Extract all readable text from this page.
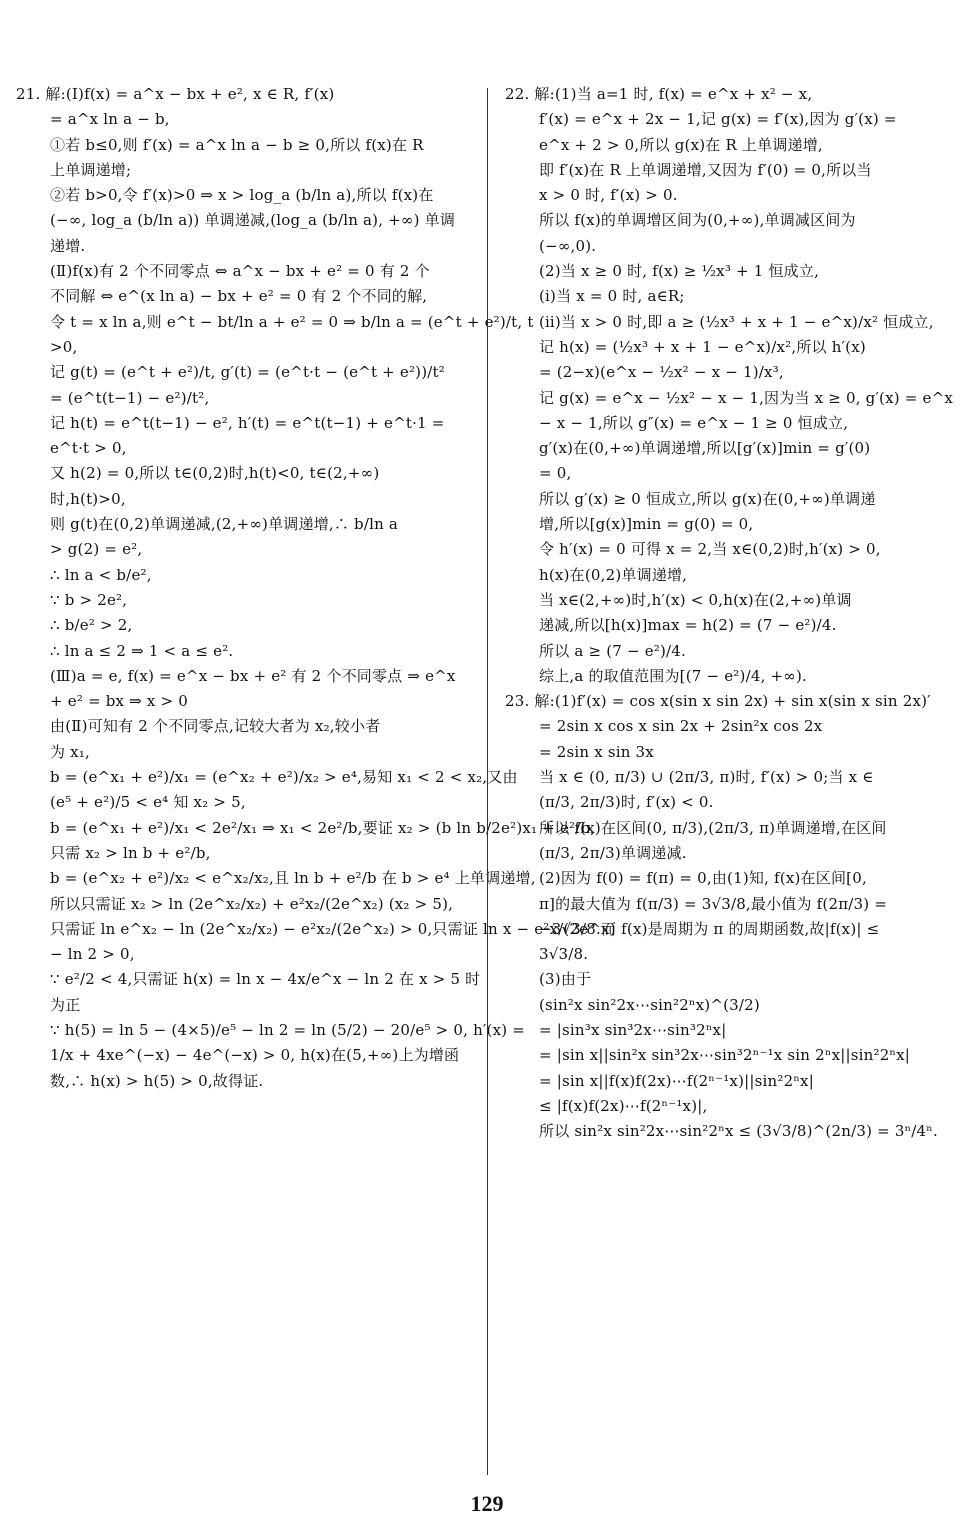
21. 解:(Ⅰ)f(x) = a^x − bx + e², x ∈ R, f′(x)
= a^x ln a − b,
①若 b≤0,则 f′(x) = a^x ln a − b ≥ 0,所以 f(x)在 R
上单调递增;
②若 b>0,令 f′(x)>0 ⇒ x > log_a (b/ln a),所以 f(x)在
(−∞, log_a (b/ln a)) 单调递减,(log_a (b/ln a), +∞) 单调
递增.
(Ⅱ)f(x)有 2 个不同零点 ⇔ a^x − bx + e² = 0 有 2 个
不同解 ⇔ e^(x ln a) − bx + e² = 0 有 2 个不同的解,
令 t = x ln a,则 e^t − bt/ln a + e² = 0 ⇒ b/ln a = (e^t + e²)/t, t
>0,
记 g(t) = (e^t + e²)/t, g′(t) = (e^t·t − (e^t + e²))/t²
= (e^t(t−1) − e²)/t²,
记 h(t) = e^t(t−1) − e², h′(t) = e^t(t−1) + e^t·1 =
e^t·t > 0,
又 h(2) = 0,所以 t∈(0,2)时,h(t)<0, t∈(2,+∞)
时,h(t)>0,
则 g(t)在(0,2)单调递减,(2,+∞)单调递增,∴ b/ln a
> g(2) = e²,
∴ ln a < b/e²,
∵ b > 2e²,
∴ b/e² > 2,
∴ ln a ≤ 2 ⇒ 1 < a ≤ e².
(Ⅲ)a = e, f(x) = e^x − bx + e² 有 2 个不同零点 ⇒ e^x
+ e² = bx ⇒ x > 0
由(Ⅱ)可知有 2 个不同零点,记较大者为 x₂,较小者
为 x₁,
b = (e^x₁ + e²)/x₁ = (e^x₂ + e²)/x₂ > e⁴,易知 x₁ < 2 < x₂,又由
(e⁵ + e²)/5 < e⁴ 知 x₂ > 5,
b = (e^x₁ + e²)/x₁ < 2e²/x₁ ⇒ x₁ < 2e²/b,要证 x₂ > (b ln b/2e²)x₁ + e²/b,
只需 x₂ > ln b + e²/b,
b = (e^x₂ + e²)/x₂ < e^x₂/x₂,且 ln b + e²/b 在 b > e⁴ 上单调递增,
所以只需证 x₂ > ln (2e^x₂/x₂) + e²x₂/(2e^x₂) (x₂ > 5),
只需证 ln e^x₂ − ln (2e^x₂/x₂) − e²x₂/(2e^x₂) > 0,只需证 ln x − e²x/(2e^x)
− ln 2 > 0,
∵ e²/2 < 4,只需证 h(x) = ln x − 4x/e^x − ln 2 在 x > 5 时
为正
∵ h(5) = ln 5 − (4×5)/e⁵ − ln 2 = ln (5/2) − 20/e⁵ > 0, h′(x) =
1/x + 4xe^(−x) − 4e^(−x) > 0, h(x)在(5,+∞)上为增函
数,∴ h(x) > h(5) > 0,故得证.
22. 解:(1)当 a=1 时, f(x) = e^x + x² − x,
f′(x) = e^x + 2x − 1,记 g(x) = f′(x),因为 g′(x) =
e^x + 2 > 0,所以 g(x)在 R 上单调递增,
即 f′(x)在 R 上单调递增,又因为 f′(0) = 0,所以当
x > 0 时, f′(x) > 0.
所以 f(x)的单调增区间为(0,+∞),单调减区间为
(−∞,0).
(2)当 x ≥ 0 时, f(x) ≥ ½x³ + 1 恒成立,
(ⅰ)当 x = 0 时, a∈R;
(ⅱ)当 x > 0 时,即 a ≥ (½x³ + x + 1 − e^x)/x² 恒成立,
记 h(x) = (½x³ + x + 1 − e^x)/x²,所以 h′(x)
= (2−x)(e^x − ½x² − x − 1)/x³,
记 g(x) = e^x − ½x² − x − 1,因为当 x ≥ 0, g′(x) = e^x
− x − 1,所以 g″(x) = e^x − 1 ≥ 0 恒成立,
g′(x)在(0,+∞)单调递增,所以[g′(x)]min = g′(0)
= 0,
所以 g′(x) ≥ 0 恒成立,所以 g(x)在(0,+∞)单调递
增,所以[g(x)]min = g(0) = 0,
令 h′(x) = 0 可得 x = 2,当 x∈(0,2)时,h′(x) > 0,
h(x)在(0,2)单调递增,
当 x∈(2,+∞)时,h′(x) < 0,h(x)在(2,+∞)单调
递减,所以[h(x)]max = h(2) = (7 − e²)/4.
所以 a ≥ (7 − e²)/4.
综上,a 的取值范围为[(7 − e²)/4, +∞).
23. 解:(1)f′(x) = cos x(sin x sin 2x) + sin x(sin x sin 2x)′
= 2sin x cos x sin 2x + 2sin²x cos 2x
= 2sin x sin 3x
当 x ∈ (0, π/3) ∪ (2π/3, π)时, f′(x) > 0;当 x ∈
(π/3, 2π/3)时, f′(x) < 0.
所以 f(x)在区间(0, π/3),(2π/3, π)单调递增,在区间
(π/3, 2π/3)单调递减.
(2)因为 f(0) = f(π) = 0,由(1)知, f(x)在区间[0,
π]的最大值为 f(π/3) = 3√3/8,最小值为 f(2π/3) =
−3√3/8.而 f(x)是周期为 π 的周期函数,故|f(x)| ≤
3√3/8.
(3)由于
(sin²x sin²2x⋯sin²2ⁿx)^(3/2)
= |sin³x sin³2x⋯sin³2ⁿx|
= |sin x||sin²x sin³2x⋯sin³2ⁿ⁻¹x sin 2ⁿx||sin²2ⁿx|
= |sin x||f(x)f(2x)⋯f(2ⁿ⁻¹x)||sin²2ⁿx|
≤ |f(x)f(2x)⋯f(2ⁿ⁻¹x)|,
所以 sin²x sin²2x⋯sin²2ⁿx ≤ (3√3/8)^(2n/3) = 3ⁿ/4ⁿ.
129
